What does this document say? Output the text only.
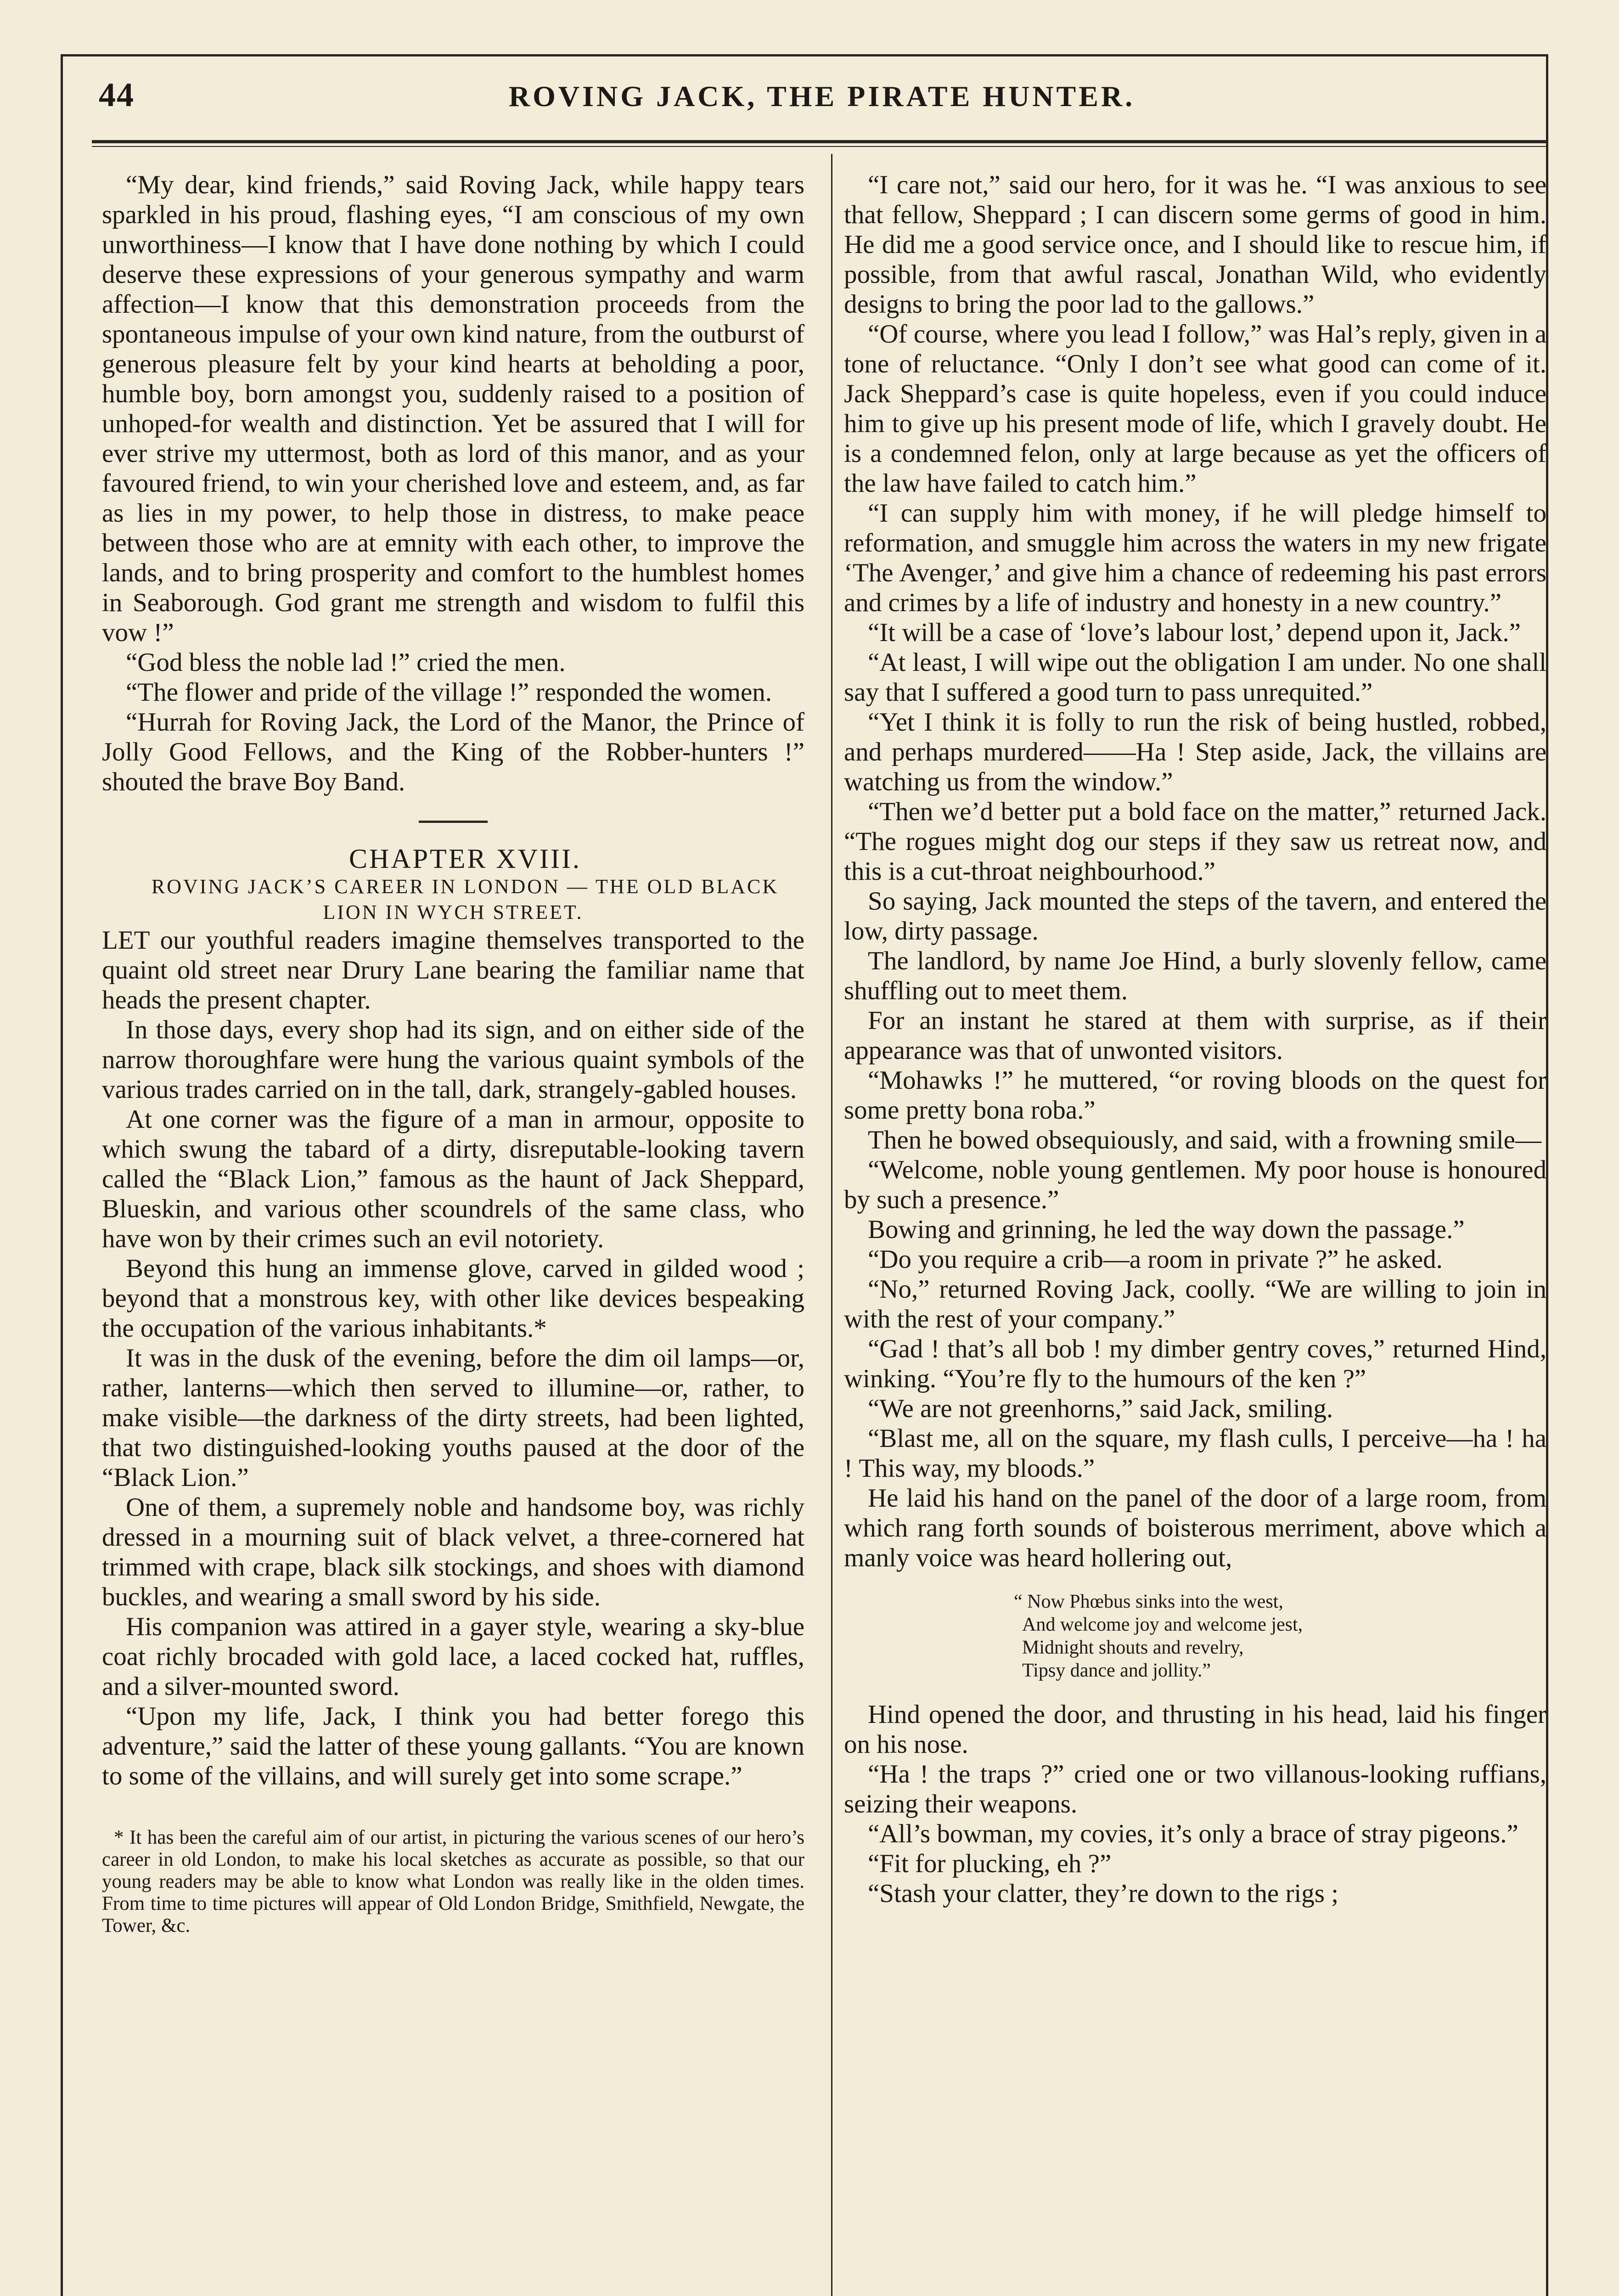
44	ROVING JACK, THE PIRATE HUNTER.

“My dear, kind friends,” said Roving Jack, while happy tears sparkled in his proud, flashing eyes, “I am conscious of my own unworthiness—I know that I have done nothing by which I could deserve these expressions of your generous sympathy and warm affection—I know that this demonstration proceeds from the spontaneous impulse of your own kind nature, from the outburst of generous pleasure felt by your kind hearts at beholding a poor, humble boy, born amongst you, suddenly raised to a position of unhoped-for wealth and distinction. Yet be assured that I will for ever strive my uttermost, both as lord of this manor, and as your favoured friend, to win your cherished love and esteem, and, as far as lies in my power, to help those in distress, to make peace between those who are at emnity with each other, to improve the lands, and to bring prosperity and comfort to the humblest homes in Seaborough. God grant me strength and wisdom to fulfil this vow !”

“God bless the noble lad !” cried the men.

“The flower and pride of the village !” responded the women.

“Hurrah for Roving Jack, the Lord of the Manor, the Prince of Jolly Good Fellows, and the King of the Robber-hunters !” shouted the brave Boy Band.

CHAPTER XVIII.

ROVING JACK’S CAREER IN LONDON — THE OLD BLACK LION IN WYCH STREET.

LET our youthful readers imagine themselves transported to the quaint old street near Drury Lane bearing the familiar name that heads the present chapter.

In those days, every shop had its sign, and on either side of the narrow thoroughfare were hung the various quaint symbols of the various trades carried on in the tall, dark, strangely-gabled houses.

At one corner was the figure of a man in armour, opposite to which swung the tabard of a dirty, disreputable-looking tavern called the “Black Lion,” famous as the haunt of Jack Sheppard, Blueskin, and various other scoundrels of the same class, who have won by their crimes such an evil notoriety.

Beyond this hung an immense glove, carved in gilded wood ; beyond that a monstrous key, with other like devices bespeaking the occupation of the various inhabitants.*

It was in the dusk of the evening, before the dim oil lamps—or, rather, lanterns—which then served to illumine—or, rather, to make visible—the darkness of the dirty streets, had been lighted, that two distinguished-looking youths paused at the door of the “Black Lion.”

One of them, a supremely noble and handsome boy, was richly dressed in a mourning suit of black velvet, a three-cornered hat trimmed with crape, black silk stockings, and shoes with diamond buckles, and wearing a small sword by his side.

His companion was attired in a gayer style, wearing a sky-blue coat richly brocaded with gold lace, a laced cocked hat, ruffles, and a silver-mounted sword.

“Upon my life, Jack, I think you had better forego this adventure,” said the latter of these young gallants. “You are known to some of the villains, and will surely get into some scrape.”

* It has been the careful aim of our artist, in picturing the various scenes of our hero’s career in old London, to make his local sketches as accurate as possible, so that our young readers may be able to know what London was really like in the olden times. From time to time pictures will appear of Old London Bridge, Smithfield, Newgate, the Tower, &c.

“I care not,” said our hero, for it was he. “I was anxious to see that fellow, Sheppard ; I can discern some germs of good in him. He did me a good service once, and I should like to rescue him, if possible, from that awful rascal, Jonathan Wild, who evidently designs to bring the poor lad to the gallows.”

“Of course, where you lead I follow,” was Hal’s reply, given in a tone of reluctance. “Only I don’t see what good can come of it. Jack Sheppard’s case is quite hopeless, even if you could induce him to give up his present mode of life, which I gravely doubt. He is a condemned felon, only at large because as yet the officers of the law have failed to catch him.”

“I can supply him with money, if he will pledge himself to reformation, and smuggle him across the waters in my new frigate ‘The Avenger,’ and give him a chance of redeeming his past errors and crimes by a life of industry and honesty in a new country.”

“It will be a case of ‘love’s labour lost,’ depend upon it, Jack.”

“At least, I will wipe out the obligation I am under. No one shall say that I suffered a good turn to pass unrequited.”

“Yet I think it is folly to run the risk of being hustled, robbed, and perhaps murdered——Ha ! Step aside, Jack, the villains are watching us from the window.”

“Then we’d better put a bold face on the matter,” returned Jack. “The rogues might dog our steps if they saw us retreat now, and this is a cut-throat neighbourhood.”

So saying, Jack mounted the steps of the tavern, and entered the low, dirty passage.

The landlord, by name Joe Hind, a burly slovenly fellow, came shuffling out to meet them.

For an instant he stared at them with surprise, as if their appearance was that of unwonted visitors.

“Mohawks !” he muttered, “or roving bloods on the quest for some pretty bona roba.”

Then he bowed obsequiously, and said, with a frowning smile—

“Welcome, noble young gentlemen. My poor house is honoured by such a presence.”

Bowing and grinning, he led the way down the passage.”

“Do you require a crib—a room in private ?” he asked.

“No,” returned Roving Jack, coolly. “We are willing to join in with the rest of your company.”

“Gad ! that’s all bob ! my dimber gentry coves,” returned Hind, winking. “You’re fly to the humours of the ken ?”

“We are not greenhorns,” said Jack, smiling.

“Blast me, all on the square, my flash culls, I perceive—ha ! ha ! This way, my bloods.”

He laid his hand on the panel of the door of a large room, from which rang forth sounds of boisterous merriment, above which a manly voice was heard hollering out,

“ Now Phœbus sinks into the west,
And welcome joy and welcome jest,
Midnight shouts and revelry,
Tipsy dance and jollity.”

Hind opened the door, and thrusting in his head, laid his finger on his nose.

“Ha ! the traps ?” cried one or two villanous-looking ruffians, seizing their weapons.

“All’s bowman, my covies, it’s only a brace of stray pigeons.”

“Fit for plucking, eh ?”

“Stash your clatter, they’re down to the rigs ;
